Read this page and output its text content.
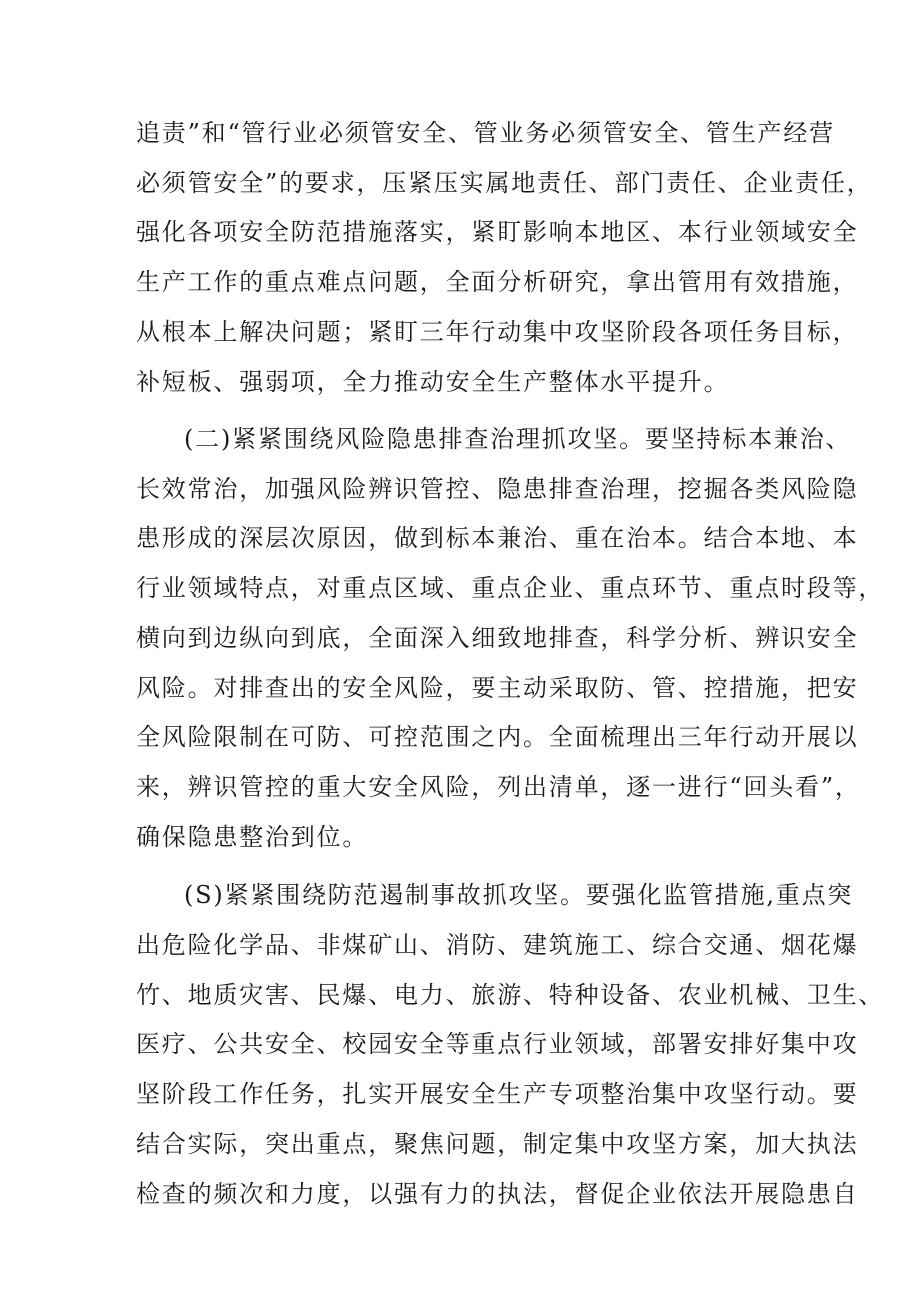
追责”和“管行业必须管安全、管业务必须管安全、管生产经营

必须管安全”的要求，压紧压实属地责任、部门责任、企业责任，

强化各项安全防范措施落实，紧盯影响本地区、本行业领域安全

生产工作的重点难点问题，全面分析研究，拿出管用有效措施，

从根本上解决问题；紧盯三年行动集中攻坚阶段各项任务目标，

补短板、强弱项，全力推动安全生产整体水平提升。

(二)紧紧围绕风险隐患排查治理抓攻坚。要坚持标本兼治、

长效常治，加强风险辨识管控、隐患排查治理，挖掘各类风险隐

患形成的深层次原因，做到标本兼治、重在治本。结合本地、本

行业领域特点，对重点区域、重点企业、重点环节、重点时段等，

横向到边纵向到底，全面深入细致地排查，科学分析、辨识安全

风险。对排查出的安全风险，要主动采取防、管、控措施，把安

全风险限制在可防、可控范围之内。全面梳理出三年行动开展以

来，辨识管控的重大安全风险，列出清单，逐一进行“回头看”，

确保隐患整治到位。

(S)紧紧围绕防范遏制事故抓攻坚。要强化监管措施,重点突

出危险化学品、非煤矿山、消防、建筑施工、综合交通、烟花爆

竹、地质灾害、民爆、电力、旅游、特种设备、农业机械、卫生、

医疗、公共安全、校园安全等重点行业领域，部署安排好集中攻

坚阶段工作任务，扎实开展安全生产专项整治集中攻坚行动。要

结合实际，突出重点，聚焦问题，制定集中攻坚方案，加大执法

检查的频次和力度，以强有力的执法，督促企业依法开展隐患自
